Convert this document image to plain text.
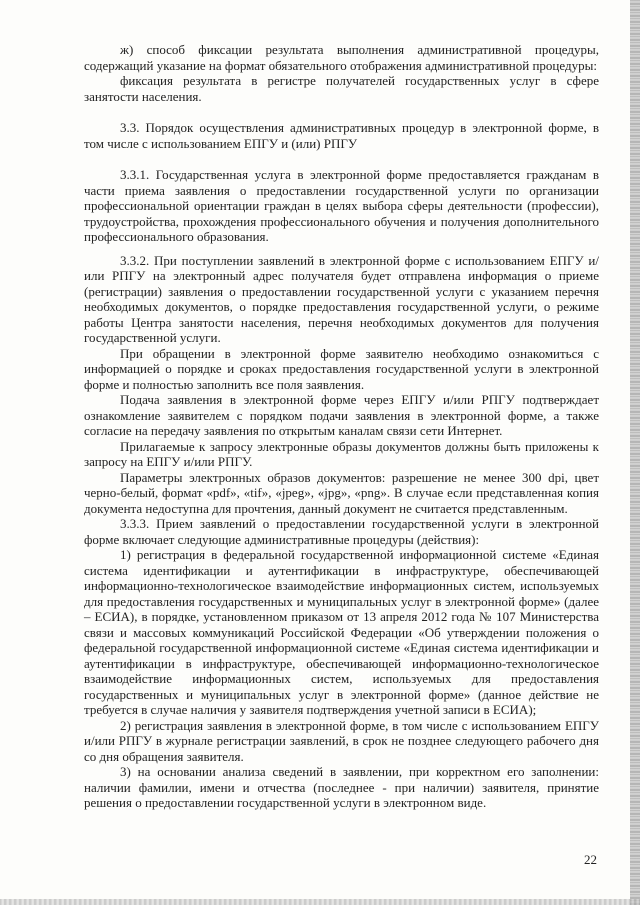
ж) способ фиксации результата выполнения административной процедуры, содержащий указание на формат обязательного отображения административной процедуры:

фиксация результата в регистре получателей государственных услуг в сфере занятости населения.

3.3. Порядок осуществления административных процедур в электронной форме, в том числе с использованием ЕПГУ и (или) РПГУ

3.3.1. Государственная услуга в электронной форме предоставляется гражданам в части приема заявления о предоставлении государственной услуги по организации профессиональной ориентации граждан в целях выбора сферы деятельности (профессии), трудоустройства, прохождения профессионального обучения и получения дополнительного профессионального образования.

3.3.2. При поступлении заявлений в электронной форме с использованием ЕПГУ и/или РПГУ на электронный адрес получателя будет отправлена информация о приеме (регистрации) заявления о предоставлении государственной услуги с указанием перечня необходимых документов, о порядке предоставления государственной услуги, о режиме работы Центра занятости населения, перечня необходимых документов для получения государственной услуги.

При обращении в электронной форме заявителю необходимо ознакомиться с информацией о порядке и сроках предоставления государственной услуги в электронной форме и полностью заполнить все поля заявления.

Подача заявления в электронной форме через ЕПГУ и/или РПГУ подтверждает ознакомление заявителем с порядком подачи заявления в электронной форме, а также согласие на передачу заявления по открытым каналам связи сети Интернет.

Прилагаемые к запросу электронные образы документов должны быть приложены к запросу на ЕПГУ и/или РПГУ.

Параметры электронных образов документов: разрешение не менее 300 dpi, цвет черно-белый, формат «pdf», «tif», «jpeg», «jpg», «png». В случае если представленная копия документа недоступна для прочтения, данный документ не считается представленным.

3.3.3. Прием заявлений о предоставлении государственной услуги в электронной форме включает следующие административные процедуры (действия):

1) регистрация в федеральной государственной информационной системе «Единая система идентификации и аутентификации в инфраструктуре, обеспечивающей информационно-технологическое взаимодействие информационных систем, используемых для предоставления государственных и муниципальных услуг в электронной форме» (далее – ЕСИА), в порядке, установленном приказом от 13 апреля 2012 года № 107 Министерства связи и массовых коммуникаций Российской Федерации «Об утверждении положения о федеральной государственной информационной системе «Единая система идентификации и аутентификации в инфраструктуре, обеспечивающей информационно-технологическое взаимодействие информационных систем, используемых для предоставления государственных и муниципальных услуг в электронной форме» (данное действие не требуется в случае наличия у заявителя подтверждения учетной записи в ЕСИА);

2) регистрация заявления в электронной форме, в том числе с использованием ЕПГУ и/или РПГУ в журнале регистрации заявлений, в срок не позднее следующего рабочего дня со дня обращения заявителя.

3) на основании анализа сведений в заявлении, при корректном его заполнении: наличии фамилии, имени и отчества (последнее - при наличии) заявителя, принятие решения о предоставлении государственной услуги в электронном виде.

22
